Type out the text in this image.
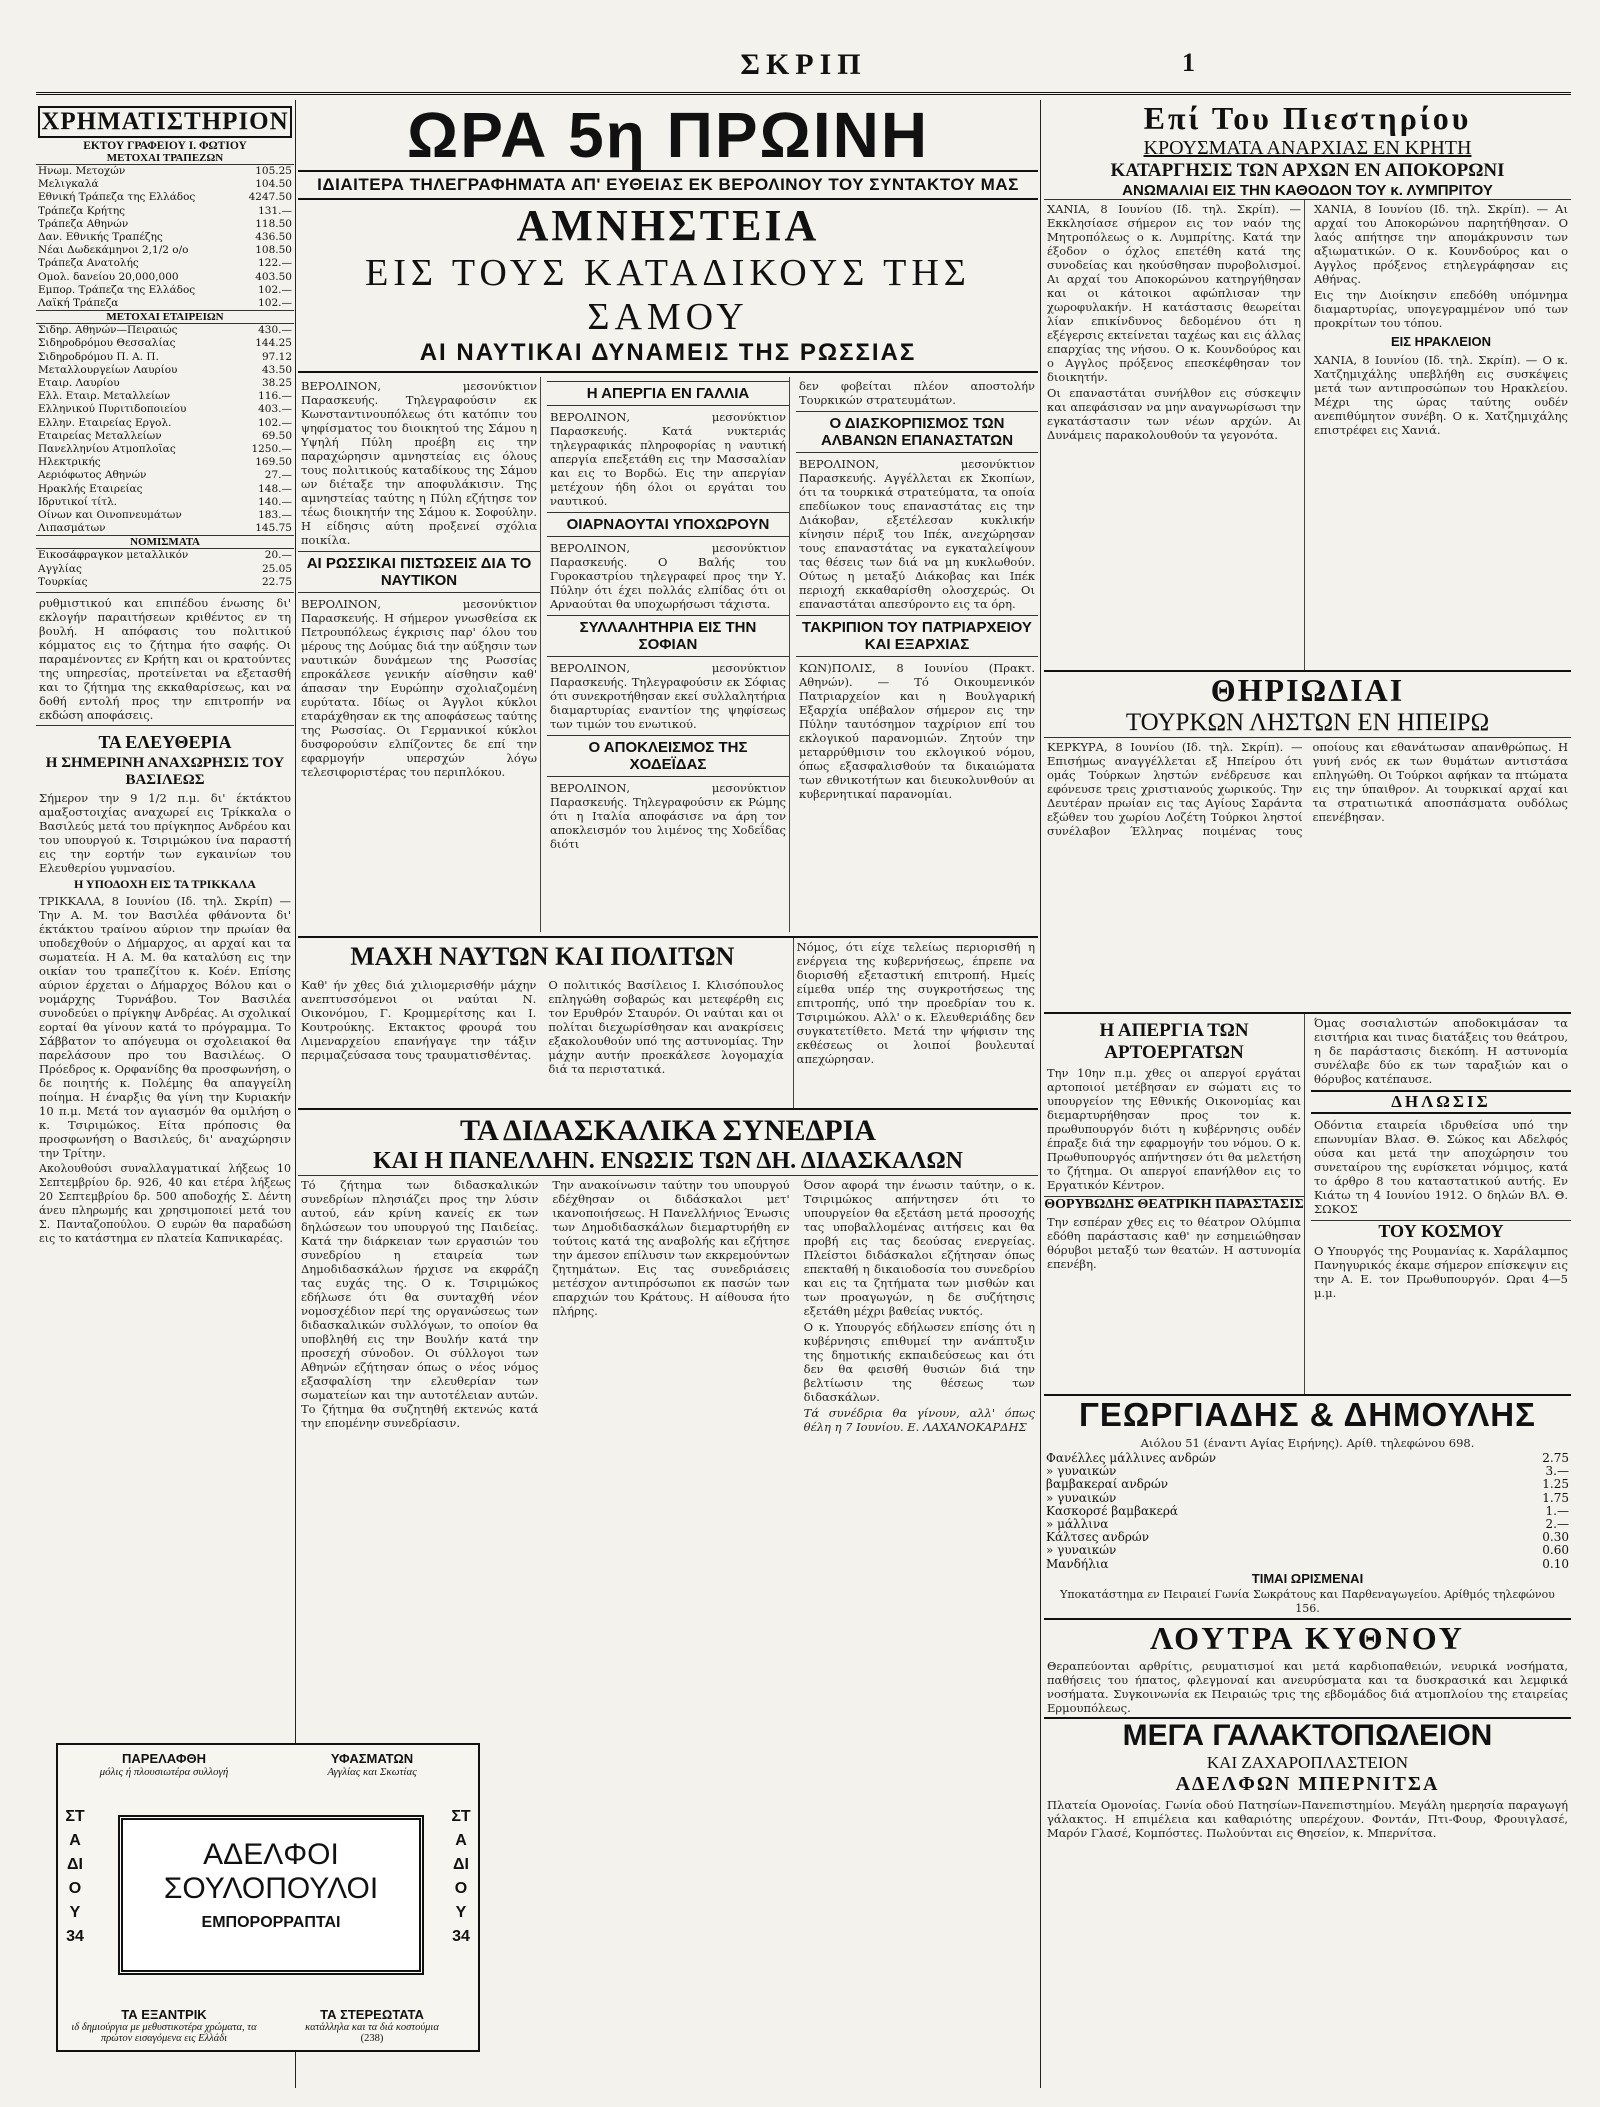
ΣΚΡΙΠ	1
ΧΡΗΜΑΤΙΣΤΗΡΙΟΝ
ΕΚΤΟΥ ΓΡΑΦΕΙΟΥ Ι. ΦΩΤΙΟΥ
ΜΕΤΟΧΑΙ ΤΡΑΠΕΖΩΝ
Ηνωμ. Μετοχών	105.25
Μελιγκαλά	104.50
Εθνική Τράπεζα της Ελλάδος	4247.50
Τράπεζα Κρήτης	131.—
Τράπεζα Αθηνών	118.50
Δαν. Εθνικής Τραπέζης	436.50
Νέαι Δωδεκάμηνοι 2,1/2 ο/ο	108.50
Τράπεζα Ανατολής	122.—
Ομολ. δανείου 20,000,000	403.50
Εμπορ. Τράπεζα της Ελλάδος	102.—
Λαϊκή Τράπεζα	102.—
ΜΕΤΟΧΑΙ ΕΤΑΙΡΕΙΩΝ
Σιδηρ. Αθηνών—Πειραιώς	430.—
Σιδηροδρόμου Θεσσαλίας	144.25
Σιδηροδρόμου Π. Α. Π.	97.12
Μεταλλουργείων Λαυρίου	43.50
Εταιρ. Λαυρίου	38.25
Ελλ. Εταιρ. Μεταλλείων	116.—
Ελληνικού Πυριτιδοποιείου	403.—
Ελλην. Εταιρείας Εργολ.	102.—
Εταιρείας Μεταλλείων	69.50
Πανελληνίου Ατμοπλοΐας	1250.—
Ηλεκτρικής	169.50
Αεριόφωτος Αθηνών	27.—
Ηρακλής Εταιρείας	148.—
Ιδρυτικοί τίτλ.	140.—
Οίνων και Οινοπνευμάτων	183.—
Λιπασμάτων	145.75
ΝΟΜΙΣΜΑΤΑ
Εικοσάφραγκον μεταλλικόν	20.—
Αγγλίας	25.05
Τουρκίας	22.75

ρυθμιστικού και επιπέδου ένωσης δι' εκλογήν παραιτήσεων κριθέντος εν τη βουλή. Η απόφασις του πολιτικού κόμματος εις το ζήτημα ήτο σαφής. Οι παραμένοντες εν Κρήτη και οι κρατούντες της υπηρεσίας, προτείνεται να εξετασθή και το ζήτημα της εκκαθαρίσεως, και να δοθή εντολή προς την επιτροπήν να εκδώση αποφάσεις.

ΤΑ ΕΛΕΥΘΕΡΙΑ
Η ΣΗΜΕΡΙΝΗ ΑΝΑΧΩΡΗΣΙΣ ΤΟΥ ΒΑΣΙΛΕΩΣ

Σήμερον την 9 1/2 π.μ. δι' έκτάκτου αμαξοστοιχίας αναχωρεί εις Τρίκκαλα ο Βασιλεύς μετά του πρίγκηπος Ανδρέου και του υπουργού κ. Τσιριμώκου ίνα παραστή εις την εορτήν των εγκαινίων του Ελευθερίου γυμνασίου.

Η ΥΠΟΔΟΧΗ ΕΙΣ ΤΑ ΤΡΙΚΚΑΛΑ

ΤΡΙΚΚΑΛΑ, 8 Ιουνίου (Ιδ. τηλ. Σκρίπ) — Την Α. Μ. τον Βασιλέα φθάνοντα δι' έκτάκτου τραίνου αύριον την πρωίαν θα υποδεχθούν ο Δήμαρχος, αι αρχαί και τα σωματεία. Η Α. Μ. θα καταλύση εις την οικίαν του τραπεζίτου κ. Κοέν. Επίσης αύριον έρχεται ο Δήμαρχος Βόλου και ο νομάρχης Τυρνάβου. Τον Βασιλέα συνοδεύει ο πρίγκηψ Ανδρέας. Αι σχολικαί εορταί θα γίνουν κατά το πρόγραμμα. Το Σάββατον το απόγευμα οι σχολειακοί θα παρελάσουν προ του Βασιλέως. Ο Πρόεδρος κ. Ορφανίδης θα προσφωνήση, ο δε ποιητής κ. Πολέμης θα απαγγείλη ποίημα. Η έναρξις θα γίνη την Κυριακήν 10 π.μ. Μετά τον αγιασμόν θα ομιλήση ο κ. Τσιριμώκος. Είτα πρόποσις θα προσφωνήση ο Βασιλεύς, δι' αναχώρησιν την Τρίτην.

Ακολουθούσι συναλλαγματικαί λήξεως 10 Σεπτεμβρίου δρ. 926, 40 και ετέρα λήξεως 20 Σεπτεμβρίου δρ. 500 αποδοχής Σ. Δέντη άνευ πληρωμής και χρησιμοποιεί μετά του Σ. Πανταζοπούλου. Ο ευρών θα παραδώση εις το κατάστημα εν πλατεία Καπνικαρέας.

ΠΑΡΕΛΑΦΘΗ
μόλις ή πλουσιωτέρα συλλογή
ΥΦΑΣΜΑΤΩΝ
Αγγλίας και Σκωτίας
ΣΤΑΔΙΟΥ 34
ΣΤΑΔΙΟΥ 34
ΑΔΕΛΦΟΙ
ΣΟΥΛΟΠΟΥΛΟΙ
ΕΜΠΟΡΟΡΡΑΠΤΑΙ
ΤΑ ΕΞΑΝΤΡΙΚ
ιδ δημιούργια με μεθυστικοτέρα χρώματα, τα πρώτον εισαγόμενα εις Ελλάδι
ΤΑ ΣΤΕΡΕΩΤΑΤΑ
κατάλληλα και τα διά κοστούμια
(238)
ΩΡΑ 5η ΠΡΩΙΝΗ
ΙΔΙΑΙΤΕΡΑ ΤΗΛΕΓΡΑΦΗΜΑΤΑ ΑΠ' ΕΥΘΕΙΑΣ ΕΚ ΒΕΡΟΛΙΝΟΥ ΤΟΥ ΣΥΝΤΑΚΤΟΥ ΜΑΣ
ΑΜΝΗΣΤΕΙΑ
ΕΙΣ ΤΟΥΣ ΚΑΤΑΔΙΚΟΥΣ ΤΗΣ ΣΑΜΟΥ
ΑΙ ΝΑΥΤΙΚΑΙ ΔΥΝΑΜΕΙΣ ΤΗΣ ΡΩΣΣΙΑΣ

ΒΕΡΟΛΙΝΟΝ, μεσονύκτιον Παρασκευής. Τηλεγραφούσιν εκ Κωνσταντινουπόλεως ότι κατόπιν του ψηφίσματος του διοικητού της Σάμου η Υψηλή Πύλη προέβη εις την παραχώρησιν αμνηστείας εις όλους τους πολιτικούς καταδίκους της Σάμου ων διέταξε την αποφυλάκισιν. Της αμνηστείας ταύτης η Πύλη εζήτησε τον τέως διοικητήν της Σάμου κ. Σοφούλην. Η είδησις αύτη προξενεί σχόλια ποικίλα.

ΑΙ ΡΩΣΣΙΚΑΙ ΠΙΣΤΩΣΕΙΣ ΔΙΑ ΤΟ ΝΑΥΤΙΚΟΝ

ΒΕΡΟΛΙΝΟΝ, μεσονύκτιον Παρασκευής. Η σήμερον γνωσθείσα εκ Πετρουπόλεως έγκρισις παρ' όλου του μέρους της Δούμας διά την αύξησιν των ναυτικών δυνάμεων της Ρωσσίας επροκάλεσε γενικήν αίσθησιν καθ' άπασαν την Ευρώπην σχολιαζομένη ευρύτατα. Ιδίως οι Άγγλοι κύκλοι εταράχθησαν εκ της αποφάσεως ταύτης της Ρωσσίας. Οι Γερμανικοί κύκλοι δυσφορούσιν ελπίζοντες δε επί την εφαρμογήν υπερσχών λόγω τελεσιφοριστέρας του περιπλόκου.

Η ΑΠΕΡΓΙΑ ΕΝ ΓΑΛΛΙΑ

ΒΕΡΟΛΙΝΟΝ, μεσονύκτιον Παρασκευής. Κατά νυκτεριάς τηλεγραφικάς πληροφορίας η ναυτική απεργία επεξετάθη εις την Μασσαλίαν και εις το Βορδώ. Εις την απεργίαν μετέχουν ήδη όλοι οι εργάται του ναυτικού.

ΟΙΑΡΝΑΟΥΤΑΙ ΥΠΟΧΩΡΟΥΝ

ΒΕΡΟΛΙΝΟΝ, μεσονύκτιον Παρασκευής. Ο Βαλής του Γυροκαστρίου τηλεγραφεί προς την Υ. Πύλην ότι έχει πολλάς ελπίδας ότι οι Αρναούται θα υποχωρήσωσι τάχιστα.

ΣΥΛΛΑΛΗΤΗΡΙΑ ΕΙΣ ΤΗΝ ΣΟΦΙΑΝ

ΒΕΡΟΛΙΝΟΝ, μεσονύκτιον Παρασκευής. Τηλεγραφούσιν εκ Σόφιας ότι συνεκροτήθησαν εκεί συλλαλητήρια διαμαρτυρίας εναντίον της ψηφίσεως των τιμών του ενωτικού.

Ο ΑΠΟΚΛΕΙΣΜΟΣ ΤΗΣ ΧΟΔΕΪΔΑΣ

ΒΕΡΟΛΙΝΟΝ, μεσονύκτιον Παρασκευής. Τηλεγραφούσιν εκ Ρώμης ότι η Ιταλία αποφάσισε να άρη τον αποκλεισμόν του λιμένος της Χοδεΐδας διότι

δεν φοβείται πλέον αποστολήν Τουρκικών στρατευμάτων.

Ο ΔΙΑΣΚΟΡΠΙΣΜΟΣ ΤΩΝ ΑΛΒΑΝΩΝ ΕΠΑΝΑΣΤΑΤΩΝ

ΒΕΡΟΛΙΝΟΝ, μεσονύκτιον Παρασκευής. Αγγέλλεται εκ Σκοπίων, ότι τα τουρκικά στρατεύματα, τα οποία επεδίωκον τους επαναστάτας εις την Διάκοβαν, εξετέλεσαν κυκλικήν κίνησιν πέριξ του Ιπέκ, ανεχώρησαν τους επαναστάτας να εγκαταλείψουν τας θέσεις των διά να μη κυκλωθούν. Ούτως η μεταξύ Διάκοβας και Ιπέκ περιοχή εκκαθαρίσθη ολοσχερώς. Οι επαναστάται απεσύροντο εις τα όρη.

ΤΑΚΡΙΠΙΟΝ ΤΟΥ ΠΑΤΡΙΑΡΧΕΙΟΥ ΚΑΙ ΕΞΑΡΧΙΑΣ

ΚΩΝ)ΠΟΛΙΣ, 8 Ιουνίου (Πρακτ. Αθηνών). — Τό Οικουμενικόν Πατριαρχείον και η Βουλγαρική Εξαρχία υπέβαλον σήμερον εις την Πύλην ταυτόσημον ταχρίριον επί του εκλογικού παρανομιών. Ζητούν την μεταρρύθμισιν του εκλογικού νόμου, όπως εξασφαλισθούν τα δικαιώματα των εθνικοτήτων και διευκολυνθούν αι κυβερνητικαί παρανομίαι.

ΜΑΧΗ ΝΑΥΤΩΝ ΚΑΙ ΠΟΛΙΤΩΝ

Καθ' ήν χθες διά χιλιομερισθήν μάχην ανεπτυσσόμενοι οι ναύται Ν. Οικονόμου, Γ. Κρομμερίτσης και Ι. Κουτρούκης. Εκτακτος φρουρά του Λιμεναρχείου επανήγαγε την τάξιν περιμαζεύσασα τους τραυματισθέντας.

Ο πολιτικός Βασίλειος Ι. Κλισόπουλος επληγώθη σοβαρώς και μετεφέρθη εις τον Ερυθρόν Σταυρόν. Οι ναύται και οι πολίται διεχωρίσθησαν και ανακρίσεις εξακολουθούν υπό της αστυνομίας. Την μάχην αυτήν προεκάλεσε λογομαχία διά τα περιστατικά.

Νόμος, ότι είχε τελείως περιορισθή η ενέργεια της κυβερνήσεως, έπρεπε να διορισθή εξεταστική επιτροπή. Ημείς είμεθα υπέρ της συγκροτήσεως της επιτροπής, υπό την προεδρίαν του κ. Τσιριμώκου. Αλλ' ο κ. Ελευθεριάδης δεν συγκατετίθετο. Μετά την ψήφισιν της εκθέσεως οι λοιποί βουλευταί απεχώρησαν.

ΤΑ ΔΙΔΑΣΚΑΛΙΚΑ ΣΥΝΕΔΡΙΑ
ΚΑΙ Η ΠΑΝΕΛΛΗΝ. ΕΝΩΣΙΣ ΤΩΝ ΔΗ. ΔΙΔΑΣΚΑΛΩΝ

Τό ζήτημα των διδασκαλικών συνεδρίων πλησιάζει προς την λύσιν αυτού, εάν κρίνη κανείς εκ των δηλώσεων του υπουργού της Παιδείας. Κατά την διάρκειαν των εργασιών του συνεδρίου η εταιρεία των Δημοδιδασκάλων ήρχισε να εκφράζη τας ευχάς της. Ο κ. Τσιριμώκος εδήλωσε ότι θα συνταχθή νέον νομοσχέδιον περί της οργανώσεως των διδασκαλικών συλλόγων, το οποίον θα υποβληθή εις την Βουλήν κατά την προσεχή σύνοδον. Οι σύλλογοι των Αθηνών εζήτησαν όπως ο νέος νόμος εξασφαλίση την ελευθερίαν των σωματείων και την αυτοτέλειαν αυτών. Το ζήτημα θα συζητηθή εκτενώς κατά την επομένην συνεδρίασιν.

Την ανακοίνωσιν ταύτην του υπουργού εδέχθησαν οι διδάσκαλοι μετ' ικανοποιήσεως. Η Πανελλήνιος Ένωσις των Δημοδιδασκάλων διεμαρτυρήθη εν τούτοις κατά της αναβολής και εζήτησε την άμεσον επίλυσιν των εκκρεμούντων ζητημάτων. Εις τας συνεδριάσεις μετέσχον αντιπρόσωποι εκ πασών των επαρχιών του Κράτους. Η αίθουσα ήτο πλήρης.

Όσον αφορά την ένωσιν ταύτην, ο κ. Τσιριμώκος απήντησεν ότι το υπουργείον θα εξετάση μετά προσοχής τας υποβαλλομένας αιτήσεις και θα προβή εις τας δεούσας ενεργείας. Πλείστοι διδάσκαλοι εζήτησαν όπως επεκταθή η δικαιοδοσία του συνεδρίου και εις τα ζητήματα των μισθών και των προαγωγών, η δε συζήτησις εξετάθη μέχρι βαθείας νυκτός.

Ο κ. Υπουργός εδήλωσεν επίσης ότι η κυβέρνησις επιθυμεί την ανάπτυξιν της δημοτικής εκπαιδεύσεως και ότι δεν θα φεισθή θυσιών διά την βελτίωσιν της θέσεως των διδασκάλων.

Τά συνέδρια θα γίνουν, αλλ' όπως θέλη η 7 Ιουνίου. Ε. ΛΑΧΑΝΟΚΑΡΔΗΣ

Επί Του Πιεστηρίου
ΚΡΟΥΣΜΑΤΑ ΑΝΑΡΧΙΑΣ ΕΝ ΚΡΗΤΗ
ΚΑΤΑΡΓΗΣΙΣ ΤΩΝ ΑΡΧΩΝ ΕΝ ΑΠΟΚΟΡΩΝΙ
ΑΝΩΜΑΛΙΑΙ ΕΙΣ ΤΗΝ ΚΑΘΟΔΟΝ ΤΟΥ κ. ΛΥΜΠΡΙΤΟΥ

ΧΑΝΙΑ, 8 Ιουνίου (Ιδ. τηλ. Σκρίπ). — Εκκλησίασε σήμερον εις τον ναόν της Μητροπόλεως ο κ. Λυμπρίτης. Κατά την έξοδον ο όχλος επετέθη κατά της συνοδείας και ηκούσθησαν πυροβολισμοί. Αι αρχαί του Αποκορώνου κατηργήθησαν και οι κάτοικοι αφώπλισαν την χωροφυλακήν. Η κατάστασις θεωρείται λίαν επικίνδυνος δεδομένου ότι η εξέγερσις εκτείνεται ταχέως και εις άλλας επαρχίας της νήσου. Ο κ. Κουνδούρος και ο Αγγλος πρόξενος επεσκέφθησαν τον διοικητήν.

Οι επαναστάται συνήλθον εις σύσκεψιν και απεφάσισαν να μην αναγνωρίσωσι την εγκατάστασιν των νέων αρχών. Αι Δυνάμεις παρακολουθούν τα γεγονότα.

ΧΑΝΙΑ, 8 Ιουνίου (Ιδ. τηλ. Σκρίπ). — Αι αρχαί του Αποκορώνου παρητήθησαν. Ο λαός απήτησε την απομάκρυνσιν των αξιωματικών. Ο κ. Κουνδούρος και ο Αγγλος πρόξενος ετηλεγράφησαν εις Αθήνας.

Εις την Διοίκησιν επεδόθη υπόμνημα διαμαρτυρίας, υπογεγραμμένον υπό των προκρίτων του τόπου.

ΕΙΣ ΗΡΑΚΛΕΙΟΝ

ΧΑΝΙΑ, 8 Ιουνίου (Ιδ. τηλ. Σκρίπ). — Ο κ. Χατζημιχάλης υπεβλήθη εις συσκέψεις μετά των αντιπροσώπων του Ηρακλείου. Μέχρι της ώρας ταύτης ουδέν ανεπιθύμητον συνέβη. Ο κ. Χατζημιχάλης επιστρέφει εις Χανιά.

ΘΗΡΙΩΔΙΑΙ
ΤΟΥΡΚΩΝ ΛΗΣΤΩΝ ΕΝ ΗΠΕΙΡΩ

ΚΕΡΚΥΡΑ, 8 Ιουνίου (Ιδ. τηλ. Σκρίπ). — Επισήμως αναγγέλλεται εξ Ηπείρου ότι ομάς Τούρκων ληστών ενέδρευσε και εφόνευσε τρεις χριστιανούς χωρικούς. Την Δευτέραν πρωίαν εις τας Αγίους Σαράντα εξώθεν του χωρίου Λοζέτη Τούρκοι ληστοί συνέλαβον Έλληνας ποιμένας τους οποίους και εθανάτωσαν απανθρώπως. Η γυνή ενός εκ των θυμάτων αντιστάσα επληγώθη. Οι Τούρκοι αφήκαν τα πτώματα εις την ύπαιθρον. Αι τουρκικαί αρχαί και τα στρατιωτικά αποσπάσματα ουδόλως επενέβησαν.

Η ΑΠΕΡΓΙΑ ΤΩΝ ΑΡΤΟΕΡΓΑΤΩΝ

Την 10ην π.μ. χθες οι απεργοί εργάται αρτοποιοί μετέβησαν εν σώματι εις το υπουργείον της Εθνικής Οικονομίας και διεμαρτυρήθησαν προς τον κ. πρωθυπουργόν διότι η κυβέρνησις ουδέν έπραξε διά την εφαρμογήν του νόμου. Ο κ. Πρωθυπουργός απήντησεν ότι θα μελετήση το ζήτημα. Οι απεργοί επανήλθον εις το Εργατικόν Κέντρον.

ΘΟΡΥΒΩΔΗΣ ΘΕΑΤΡΙΚΗ ΠΑΡΑΣΤΑΣΙΣ

Την εσπέραν χθες εις το θέατρον Ολύμπια εδόθη παράστασις καθ' ην εσημειώθησαν θόρυβοι μεταξύ των θεατών. Η αστυνομία επενέβη.

Όμας σοσιαλιστών αποδοκιμάσαν τα εισιτήρια και τινας διατάξεις του θεάτρου, η δε παράστασις διεκόπη. Η αστυνομία συνέλαβε δύο εκ των ταραξιών και ο θόρυβος κατέπαυσε.

ΔΗΛΩΣΙΣ

Οδόντια εταιρεία ιδρυθείσα υπό την επωνυμίαν Βλασ. Θ. Σώκος και Αδελφός ούσα και μετά την αποχώρησιν του συνεταίρου της ευρίσκεται νόμιμος, κατά το άρθρο 8 του καταστατικού αυτής. Εν Κιάτω τη 4 Ιουνίου 1912. Ο δηλών ΒΛ. Θ. ΣΩΚΟΣ

ΤΟΥ ΚΟΣΜΟΥ

Ο Υπουργός της Ρουμανίας κ. Χαράλαμπος Πανηγυρικός έκαμε σήμερον επίσκεψιν εις την Α. Ε. τον Πρωθυπουργόν. Ωραι 4—5 μ.μ.

ΓΕΩΡΓΙΑΔΗΣ & ΔΗΜΟΥΛΗΣ

Αιόλου 51 (έναντι Αγίας Ειρήνης). Αρίθ. τηλεφώνου 698.

Φανέλλες μάλλινες ανδρών	2.75
» γυναικών	3.—
βαμβακεραί ανδρών	1.25
» γυναικών	1.75
Κασκορσέ βαμβακερά	1.—
» μάλλινα	2.—
Κάλτσες ανδρών	0.30
» γυναικών	0.60
Μανδήλια	0.10
ΤΙΜΑΙ ΩΡΙΣΜΕΝΑΙ

Υποκατάστημα εν Πειραιεί Γωνία Σωκράτους και Παρθεναγωγείου. Αρίθμός τηλεφώνου 156.

ΛΟΥΤΡΑ ΚΥΘΝΟΥ

Θεραπεύονται αρθρίτις, ρευματισμοί και μετά καρδιοπαθειών, νευρικά νοσήματα, παθήσεις του ήπατος, φλεγμοναί και ανευρύσματα και τα δυσκρασικά και λεμφικά νοσήματα. Συγκοινωνία εκ Πειραιώς τρις της εβδομάδος διά ατμοπλοίου της εταιρείας Ερμουπόλεως.

ΜΕΓΑ ΓΑΛΑΚΤΟΠΩΛΕΙΟΝ
ΚΑΙ ΖΑΧΑΡΟΠΛΑΣΤΕΙΟΝ
ΑΔΕΛΦΩΝ ΜΠΕΡΝΙΤΣΑ

Πλατεία Ομονοίας. Γωνία οδού Πατησίων-Πανεπιστημίου. Μεγάλη ημερησία παραγωγή γάλακτος. Η επιμέλεια και καθαριότης υπερέχουν. Φοντάν, Πτι-Φουρ, Φρουιγλασέ, Μαρόν Γλασέ, Κομπόστες. Πωλούνται εις Θησείον, κ. Μπερνίτσα.
